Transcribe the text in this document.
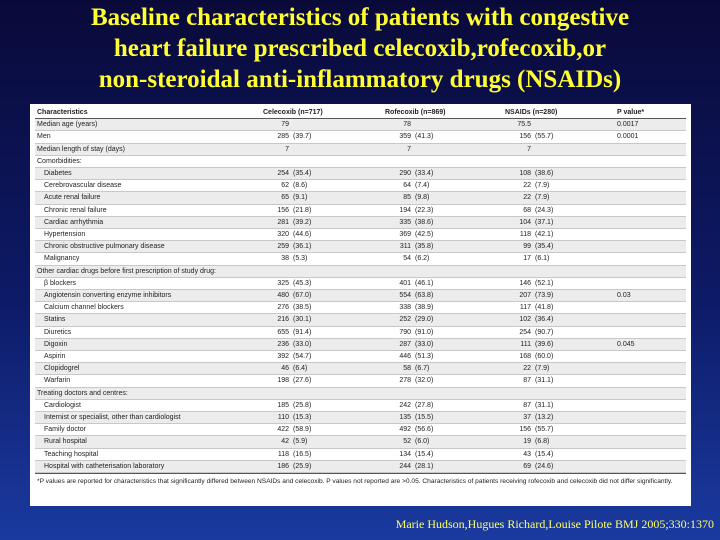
Baseline characteristics of patients with congestive
heart failure prescribed celecoxib,rofecoxib,or
non-steroidal anti-inflammatory drugs (NSAIDs)
Characteristics	Celecoxib (n=717)	Rofecoxib (n=869)	NSAIDs (n=280)	P value*
Median age (years)	79	78	75.5	0.0017
Men	285 (39.7)	359 (41.3)	156 (55.7)	0.0001
Median length of stay (days)	7	7	7	
Comorbidities:				
Diabetes	254 (35.4)	290 (33.4)	108 (38.6)	
Cerebrovascular disease	62 (8.6)	64 (7.4)	22 (7.9)	
Acute renal failure	65 (9.1)	85 (9.8)	22 (7.9)	
Chronic renal failure	156 (21.8)	194 (22.3)	68 (24.3)	
Cardiac arrhythmia	281 (39.2)	335 (38.6)	104 (37.1)	
Hypertension	320 (44.6)	369 (42.5)	118 (42.1)	
Chronic obstructive pulmonary disease	259 (36.1)	311 (35.8)	99 (35.4)	
Malignancy	38 (5.3)	54 (6.2)	17 (6.1)	
Other cardiac drugs before first prescription of study drug:				
β blockers	325 (45.3)	401 (46.1)	146 (52.1)	
Angiotensin converting enzyme inhibitors	480 (67.0)	554 (63.8)	207 (73.9)	0.03
Calcium channel blockers	276 (38.5)	338 (38.9)	117 (41.8)	
Statins	216 (30.1)	252 (29.0)	102 (36.4)	
Diuretics	655 (91.4)	790 (91.0)	254 (90.7)	
Digoxin	236 (33.0)	287 (33.0)	111 (39.6)	0.045
Aspirin	392 (54.7)	446 (51.3)	168 (60.0)	
Clopidogrel	46 (6.4)	58 (6.7)	22 (7.9)	
Warfarin	198 (27.6)	278 (32.0)	87 (31.1)	
Treating doctors and centres:				
Cardiologist	185 (25.8)	242 (27.8)	87 (31.1)	
Internist or specialist, other than cardiologist	110 (15.3)	135 (15.5)	37 (13.2)	
Family doctor	422 (58.9)	492 (56.6)	156 (55.7)	
Rural hospital	42 (5.9)	52 (6.0)	19 (6.8)	
Teaching hospital	118 (16.5)	134 (15.4)	43 (15.4)	
Hospital with catheterisation laboratory	186 (25.9)	244 (28.1)	69 (24.6)	
*P values are reported for characteristics that significantly differed between NSAIDs and celecoxib. P values not reported are >0.05. Characteristics of patients receiving rofecoxib and celecoxib did not differ significantly.
Marie Hudson,Hugues Richard,Louise Pilote BMJ 2005;330:1370
